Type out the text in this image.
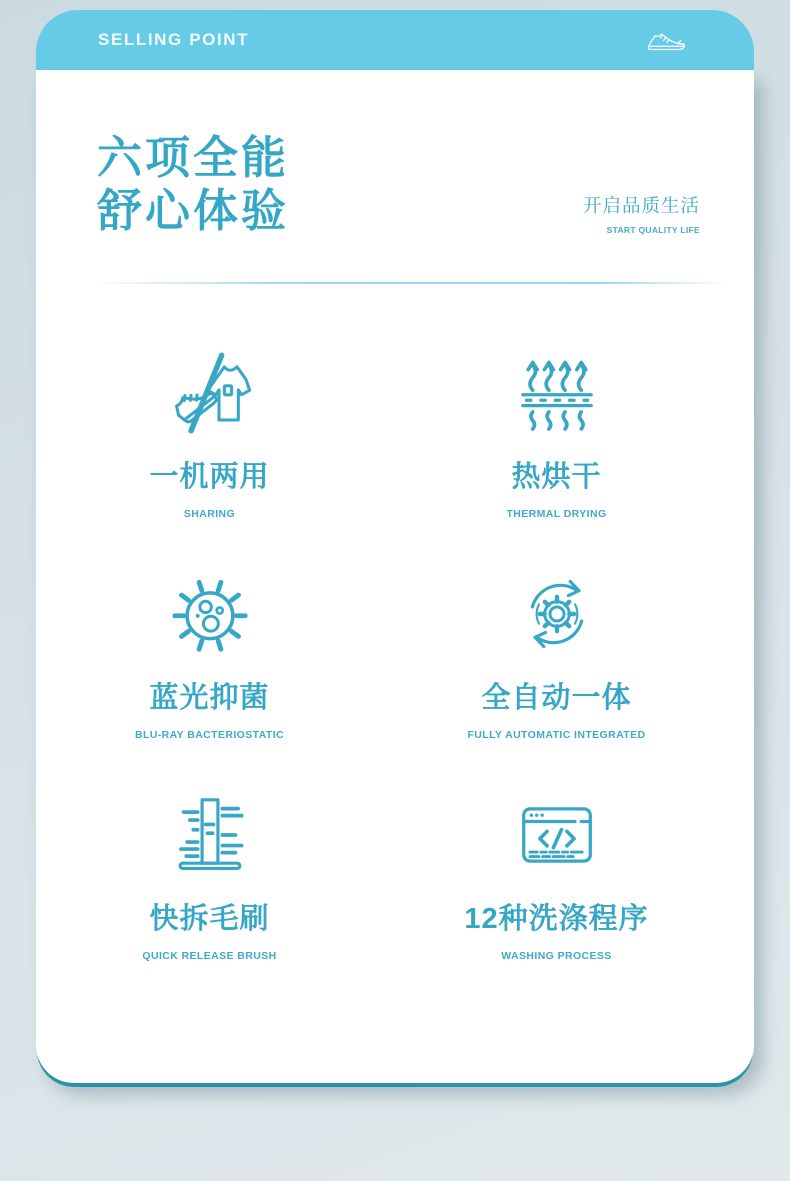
SELLING POINT
六项全能
舒心体验	开启品质生活
START QUALITY LIFE
一机两用
SHARING
热烘干
THERMAL DRYING
蓝光抑菌
BLU-RAY BACTERIOSTATIC
全自动一体
FULLY AUTOMATIC INTEGRATED
快拆毛刷
QUICK RELEASE BRUSH
12种洗涤程序
WASHING PROCESS
